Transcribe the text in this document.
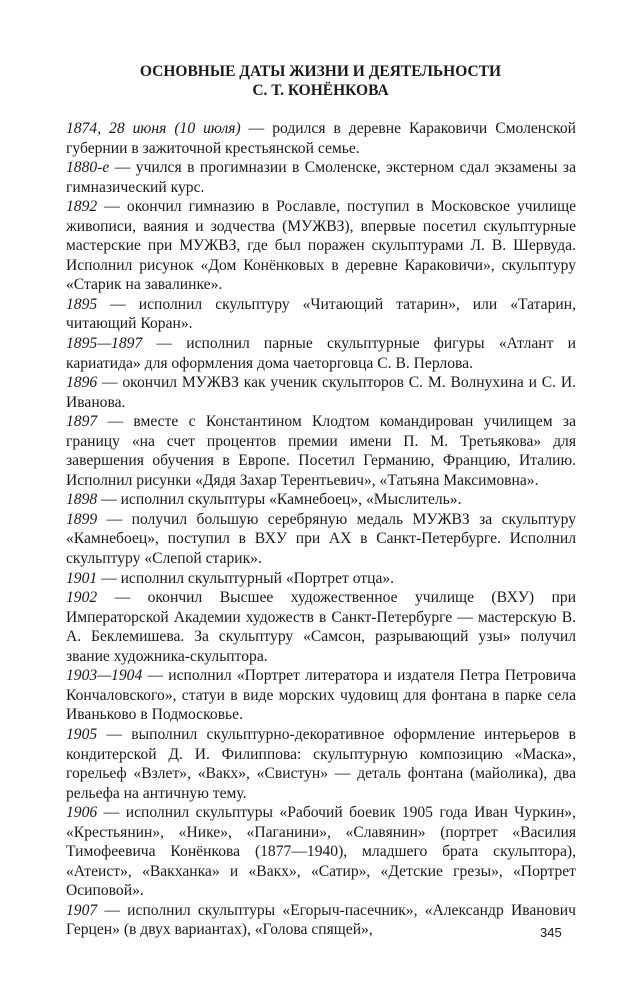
ОСНОВНЫЕ ДАТЫ ЖИЗНИ И ДЕЯТЕЛЬНОСТИ
С. Т. КОНЁНКОВА

1874, 28 июня (10 июля) — родился в деревне Караковичи Смоленской губернии в зажиточной крестьянской семье.

1880-е — учился в прогимназии в Смоленске, экстерном сдал экзамены за гимназический курс.

1892 — окончил гимназию в Рославле, поступил в Московское училище живописи, ваяния и зодчества (МУЖВЗ), впервые посетил скульптурные мастерские при МУЖВЗ, где был поражен скульптурами Л. В. Шервуда. Исполнил рисунок «Дом Конёнковых в деревне Караковичи», скульптуру «Старик на завалинке».

1895 — исполнил скульптуру «Читающий татарин», или «Татарин, читающий Коран».

1895—1897 — исполнил парные скульптурные фигуры «Атлант и кариатида» для оформления дома чаеторговца С. В. Перлова.

1896 — окончил МУЖВЗ как ученик скульпторов С. М. Волнухина и С. И. Иванова.

1897 — вместе с Константином Клодтом командирован училищем за границу «на счет процентов премии имени П. М. Третьякова» для завершения обучения в Европе. Посетил Германию, Францию, Италию. Исполнил рисунки «Дядя Захар Терентьевич», «Татьяна Максимовна».

1898 — исполнил скульптуры «Камнебоец», «Мыслитель».

1899 — получил большую серебряную медаль МУЖВЗ за скульптуру «Камнебоец», поступил в ВХУ при АХ в Санкт-Петербурге. Исполнил скульптуру «Слепой старик».

1901 — исполнил скульптурный «Портрет отца».

1902 — окончил Высшее художественное училище (ВХУ) при Императорской Академии художеств в Санкт-Петербурге — мастерскую В. А. Беклемишева. За скульптуру «Самсон, разрывающий узы» получил звание художника-скульптора.

1903—1904 — исполнил «Портрет литератора и издателя Петра Петровича Кончаловского», статуи в виде морских чудовищ для фонтана в парке села Иваньково в Подмосковье.

1905 — выполнил скульптурно-декоративное оформление интерьеров в кондитерской Д. И. Филиппова: скульптурную композицию «Маска», горельеф «Взлет», «Вакх», «Свистун» — деталь фонтана (майолика), два рельефа на античную тему.

1906 — исполнил скульптуры «Рабочий боевик 1905 года Иван Чуркин», «Крестьянин», «Нике», «Паганини», «Славянин» (портрет «Василия Тимофеевича Конёнкова (1877—1940), младшего брата скульптора), «Атеист», «Вакханка» и «Вакх», «Сатир», «Детские грезы», «Портрет Осиповой».

1907 — исполнил скульптуры «Егорыч-пасечник», «Александр Иванович Герцен» (в двух вариантах), «Голова спящей»,	345
